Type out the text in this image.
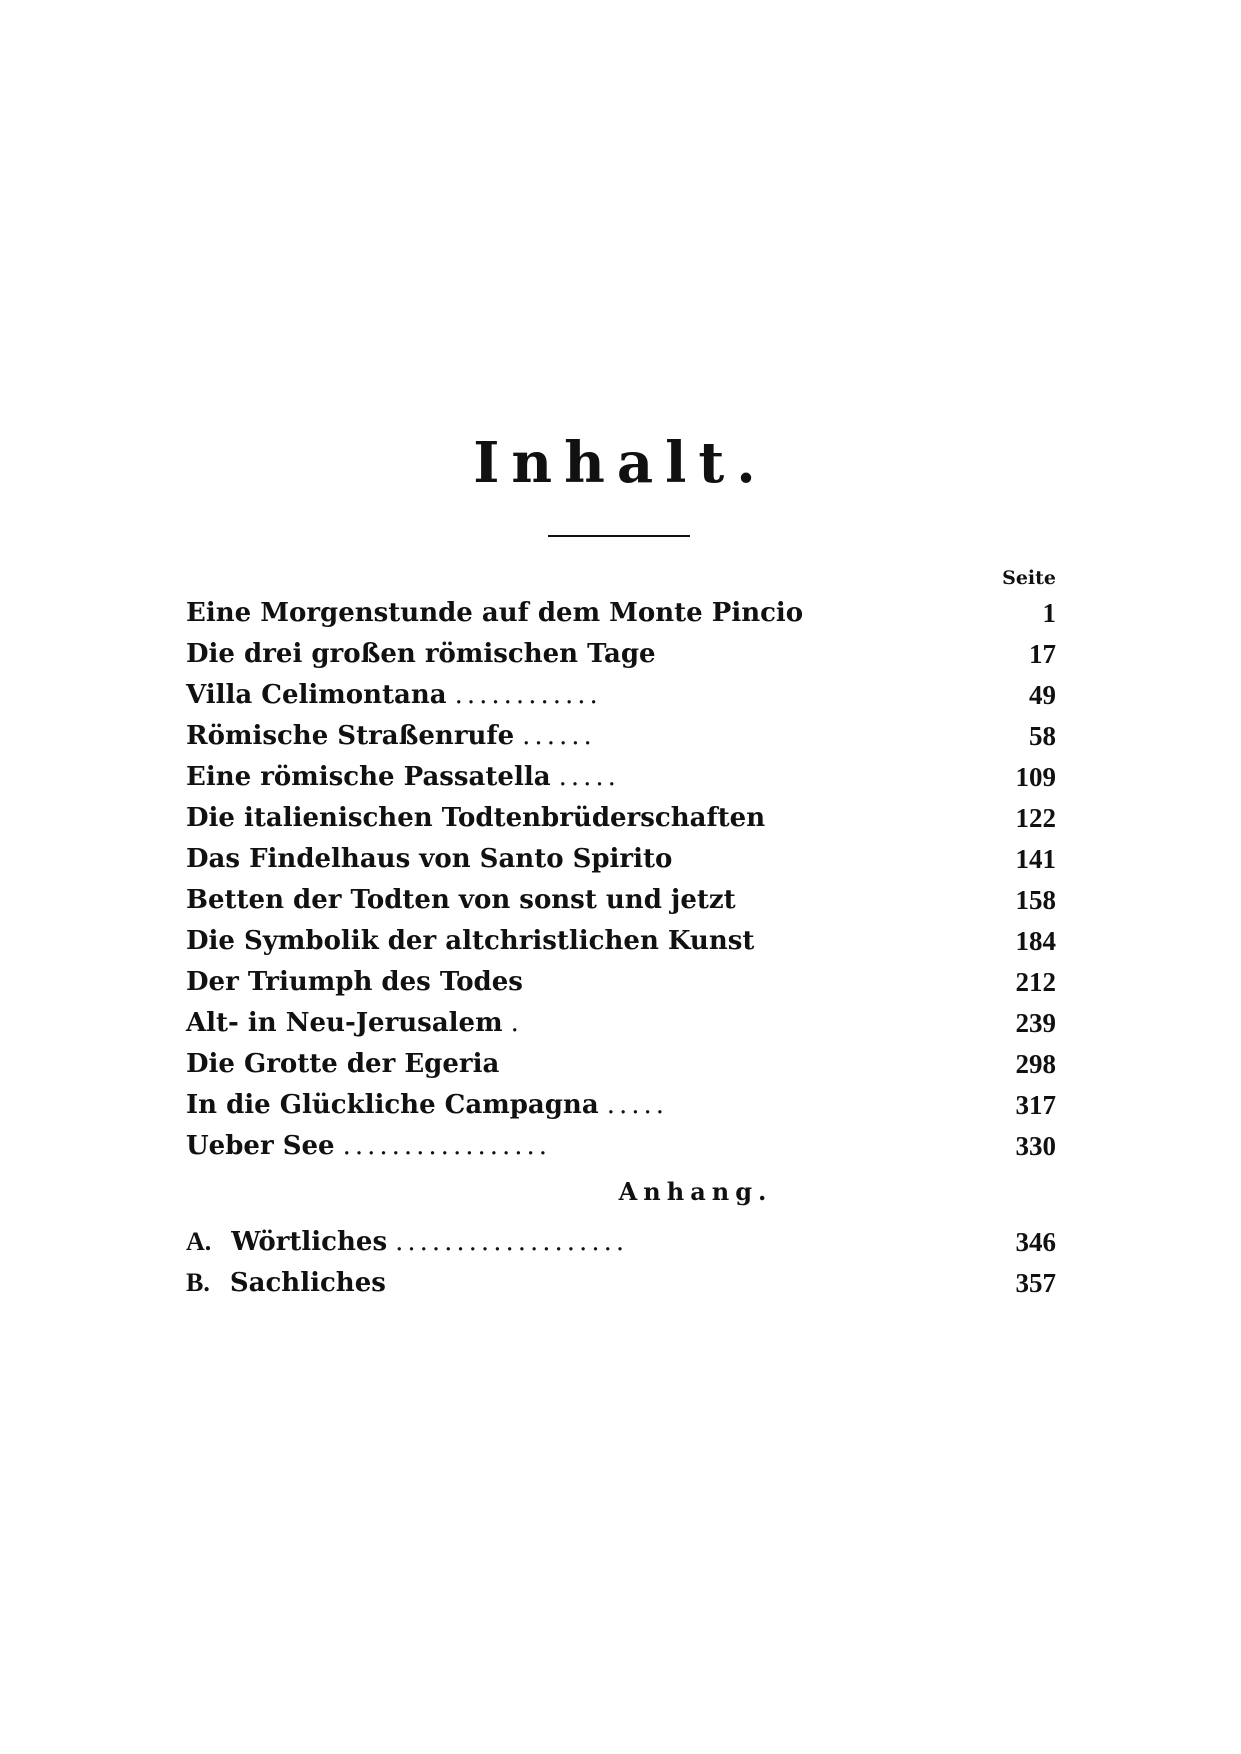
Inhalt.
Seite
Eine Morgenstunde auf dem Monte Pincio	1
Die drei großen römischen Tage	17
Villa Celimontana ............	49
Römische Straßenrufe ......	58
Eine römische Passatella .....	109
Die italienischen Todtenbrüderschaften	122
Das Findelhaus von Santo Spirito	141
Betten der Todten von sonst und jetzt	158
Die Symbolik der altchristlichen Kunst	184
Der Triumph des Todes	212
Alt- in Neu-Jerusalem .	239
Die Grotte der Egeria	298
In die Glückliche Campagna .....	317
Ueber See .................	330
Anhang.
A. Wörtliches ...................	346
B. Sachliches	357
